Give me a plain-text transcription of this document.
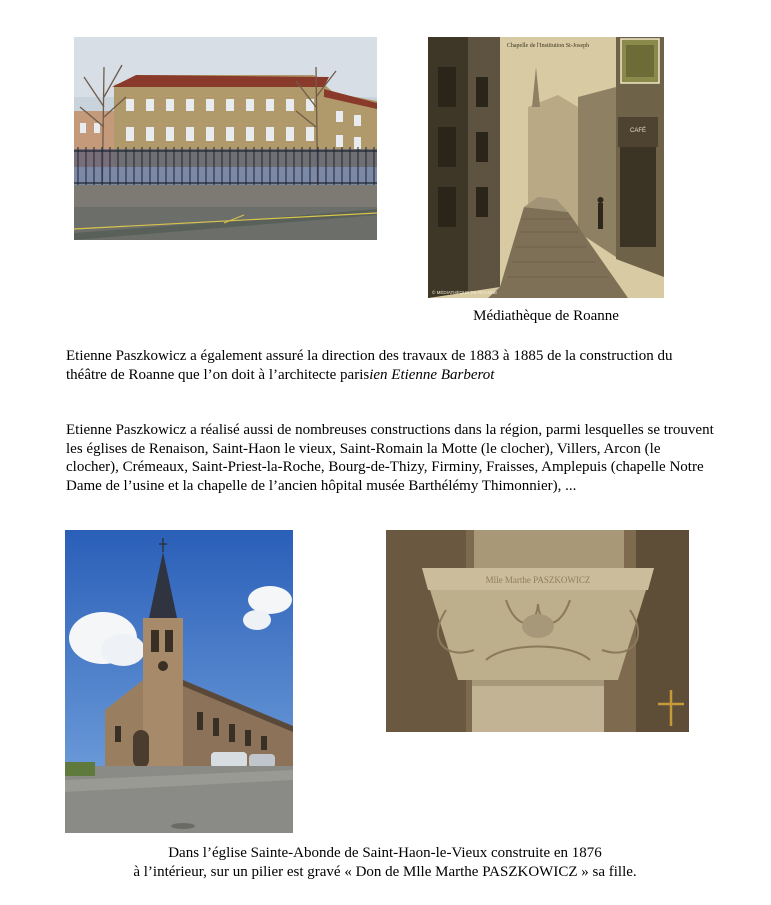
Chapelle de l'Institution St-Joseph
© MÉDIATHÈQUE DE ROANNE
CAFÉ
Médiathèque de Roanne
Etienne Paszkowicz a également assuré la direction des travaux de 1883 à 1885 de la construction du théâtre de Roanne que l’on doit à l’architecte parisien Etienne Barberot
Etienne Paszkowicz a réalisé aussi de nombreuses constructions dans la région, parmi lesquelles se trouvent les églises de Renaison, Saint-Haon le vieux, Saint-Romain la Motte (le clocher), Villers, Arcon (le clocher), Crémeaux, Saint-Priest-la-Roche, Bourg-de-Thizy, Firminy, Fraisses, Amplepuis (chapelle Notre Dame de l’usine et la chapelle de l’ancien hôpital musée Barthélémy Thimonnier), ...
Mlle Marthe PASZKOWICZ
Dans l’église Sainte-Abonde de Saint-Haon-le-Vieux construite en 1876
à l’intérieur, sur un pilier est gravé « Don de Mlle Marthe PASZKOWICZ » sa fille.
